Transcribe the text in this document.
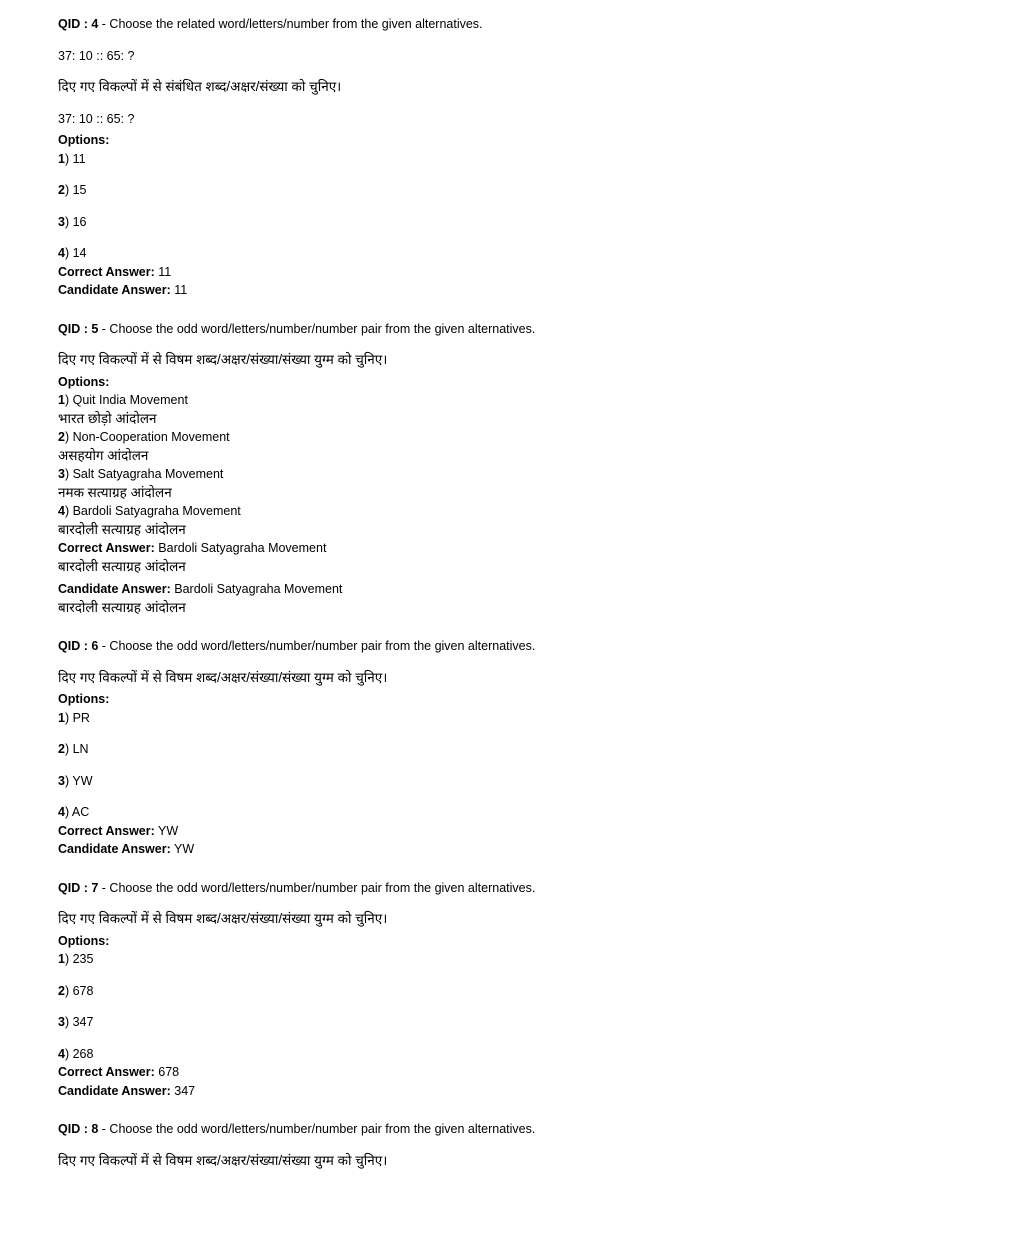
QID : 4 - Choose the related word/letters/number from the given alternatives.

37: 10 :: 65: ?

दिए गए विकल्पों में से संबंधित शब्द/अक्षर/संख्या को चुनिए।

37: 10 :: 65: ?

Options:

1) 11

2) 15

3) 16

4) 14

Correct Answer: 11

Candidate Answer: 11

QID : 5 - Choose the odd word/letters/number/number pair from the given alternatives.

दिए गए विकल्पों में से विषम शब्द/अक्षर/संख्या/संख्या युग्म को चुनिए।

Options:

1) Quit India Movement
भारत छोड़ो आंदोलन

2) Non-Cooperation Movement
असहयोग आंदोलन

3) Salt Satyagraha Movement
नमक सत्याग्रह आंदोलन

4) Bardoli Satyagraha Movement
बारदोली सत्याग्रह आंदोलन

Correct Answer: Bardoli Satyagraha Movement
बारदोली सत्याग्रह आंदोलन

Candidate Answer: Bardoli Satyagraha Movement
बारदोली सत्याग्रह आंदोलन

QID : 6 - Choose the odd word/letters/number/number pair from the given alternatives.

दिए गए विकल्पों में से विषम शब्द/अक्षर/संख्या/संख्या युग्म को चुनिए।

Options:

1) PR

2) LN

3) YW

4) AC

Correct Answer: YW

Candidate Answer: YW

QID : 7 - Choose the odd word/letters/number/number pair from the given alternatives.

दिए गए विकल्पों में से विषम शब्द/अक्षर/संख्या/संख्या युग्म को चुनिए।

Options:

1) 235

2) 678

3) 347

4) 268

Correct Answer: 678

Candidate Answer: 347

QID : 8 - Choose the odd word/letters/number/number pair from the given alternatives.

दिए गए विकल्पों में से विषम शब्द/अक्षर/संख्या/संख्या युग्म को चुनिए।
